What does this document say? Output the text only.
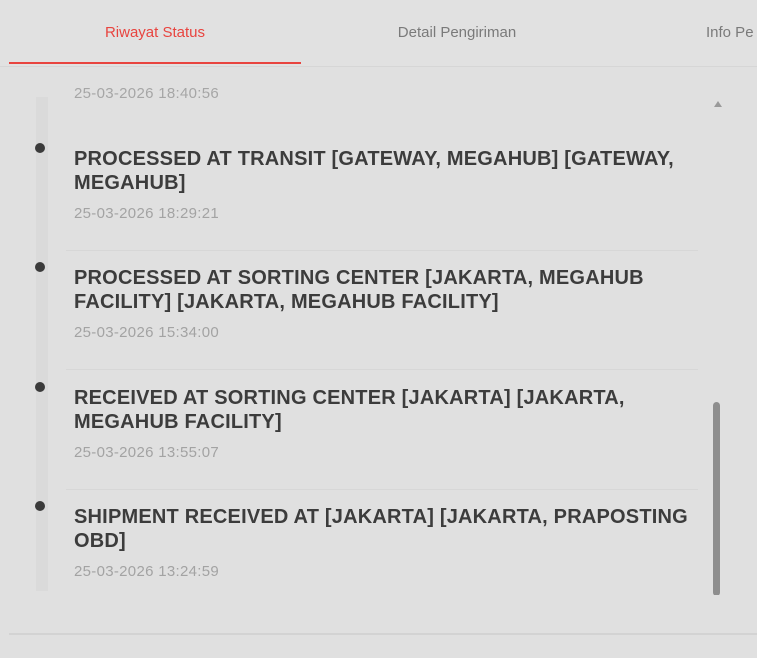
Riwayat Status	Detail Pengiriman	Info Pe
25-03-2026 18:40:56
PROCESSED AT TRANSIT [GATEWAY, MEGAHUB] [GATEWAY, MEGAHUB]
25-03-2026 18:29:21
PROCESSED AT SORTING CENTER [JAKARTA, MEGAHUB FACILITY] [JAKARTA, MEGAHUB FACILITY]
25-03-2026 15:34:00
RECEIVED AT SORTING CENTER [JAKARTA] [JAKARTA, MEGAHUB FACILITY]
25-03-2026 13:55:07
SHIPMENT RECEIVED AT [JAKARTA] [JAKARTA, PRAPOSTING OBD]
25-03-2026 13:24:59
